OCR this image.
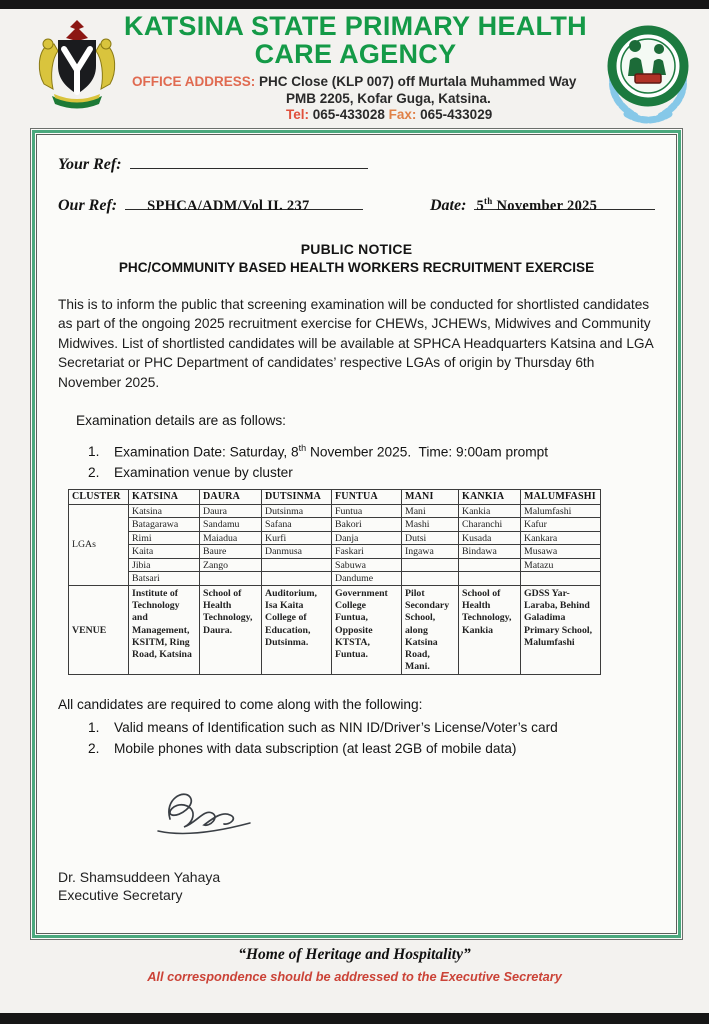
KATSINA STATE PRIMARY HEALTH
CARE AGENCY
OFFICE ADDRESS: PHC Close (KLP 007) off Murtala Muhammed Way
PMB 2205, Kofar Guga, Katsina.
Tel: 065-433028 Fax: 065-433029
Your Ref:
Our Ref: SPHCA/ADM/Vol II. 237	Date: 5th November 2025
PUBLIC NOTICE
PHC/COMMUNITY BASED HEALTH WORKERS RECRUITMENT EXERCISE
This is to inform the public that screening examination will be conducted for shortlisted candidates as part of the ongoing 2025 recruitment exercise for CHEWs, JCHEWs, Midwives and Community Midwives. List of shortlisted candidates will be available at SPHCA Headquarters Katsina and LGA Secretariat or PHC Department of candidates’ respective LGAs of origin by Thursday 6th November 2025.
Examination details are as follows:
1.	Examination Date: Saturday, 8th November 2025.  Time: 9:00am prompt
2.	Examination venue by cluster
CLUSTER	KATSINA	DAURA	DUTSINMA	FUNTUA	MANI	KANKIA	MALUMFASHI
LGAs	Katsina	Daura	Dutsinma	Funtua	Mani	Kankia	Malumfashi
	Batagarawa	Sandamu	Safana	Bakori	Mashi	Charanchi	Kafur
	Rimi	Maiadua	Kurfi	Danja	Dutsi	Kusada	Kankara
	Kaita	Baure	Danmusa	Faskari	Ingawa	Bindawa	Musawa
	Jibia	Zango		Sabuwa			Matazu
	Batsari			Dandume			
VENUE	Institute of Technology and Management, KSITM, Ring Road, Katsina	School of Health Technology, Daura.	Auditorium, Isa Kaita College of Education, Dutsinma.	Government College Funtua, Opposite KTSTA, Funtua.	Pilot Secondary School, along Katsina Road, Mani.	School of Health Technology, Kankia	GDSS Yar-Laraba, Behind Galadima Primary School, Malumfashi
All candidates are required to come along with the following:
1.	Valid means of Identification such as NIN ID/Driver’s License/Voter’s card
2.	Mobile phones with data subscription (at least 2GB of mobile data)
Dr. Shamsuddeen Yahaya
Executive Secretary
“Home of Heritage and Hospitality”
All correspondence should be addressed to the Executive Secretary
